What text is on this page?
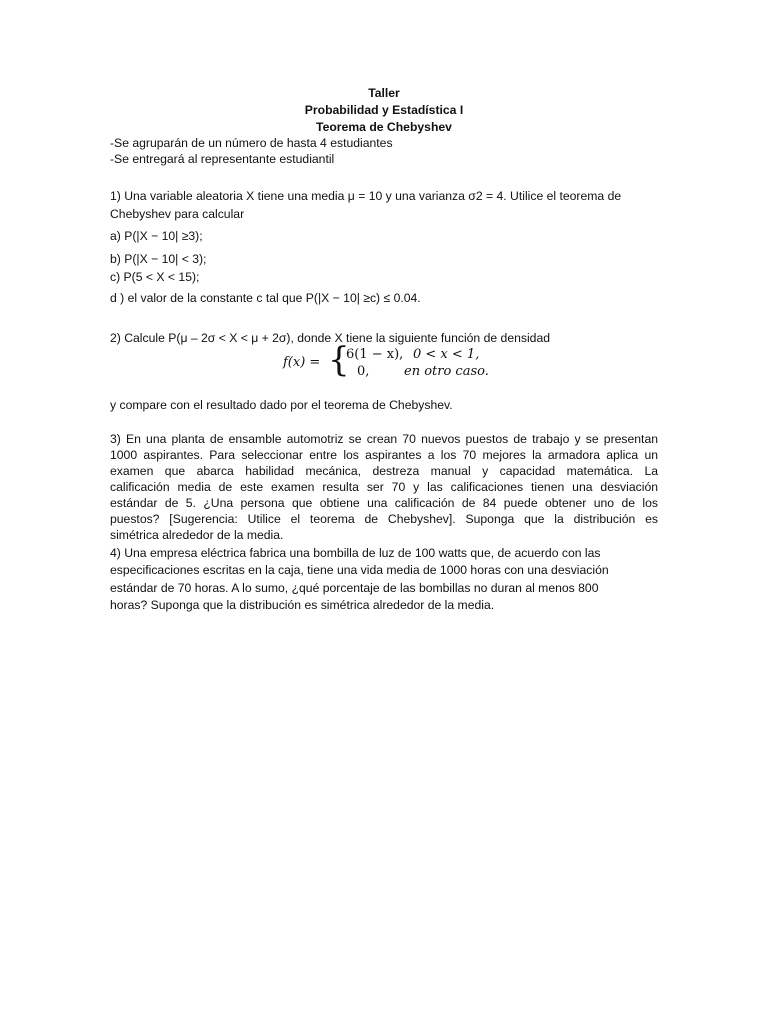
Taller
Probabilidad y Estadística I
Teorema de Chebyshev
-Se agruparán de un número de hasta 4 estudiantes
-Se entregará al representante estudiantil
1) Una variable aleatoria X tiene una media μ = 10 y una varianza σ2 = 4. Utilice el teorema de
Chebyshev para calcular
a) P(|X − 10| ≥3);
b) P(|X − 10| < 3);
c) P(5 < X < 15);
d ) el valor de la constante c tal que P(|X − 10| ≥c) ≤ 0.04.
2) Calcule P(μ – 2σ < X < μ + 2σ), donde X tiene la siguiente función de densidad
f(x) = {
6(1 − x), 0 < x < 1,
0,	en otro caso.
y compare con el resultado dado por el teorema de Chebyshev.
3) En una planta de ensamble automotriz se crean 70 nuevos puestos de trabajo y se presentan
1000 aspirantes. Para seleccionar entre los aspirantes a los 70 mejores la armadora aplica un
examen que abarca habilidad mecánica, destreza manual y capacidad matemática. La
calificación media de este examen resulta ser 70 y las calificaciones tienen una desviación
estándar de 5. ¿Una persona que obtiene una calificación de 84 puede obtener uno de los
puestos? [Sugerencia: Utilice el teorema de Chebyshev]. Suponga que la distribución es
simétrica alrededor de la media.
4) Una empresa eléctrica fabrica una bombilla de luz de 100 watts que, de acuerdo con las
especificaciones escritas en la caja, tiene una vida media de 1000 horas con una desviación
estándar de 70 horas. A lo sumo, ¿qué porcentaje de las bombillas no duran al menos 800
horas? Suponga que la distribución es simétrica alrededor de la media.
